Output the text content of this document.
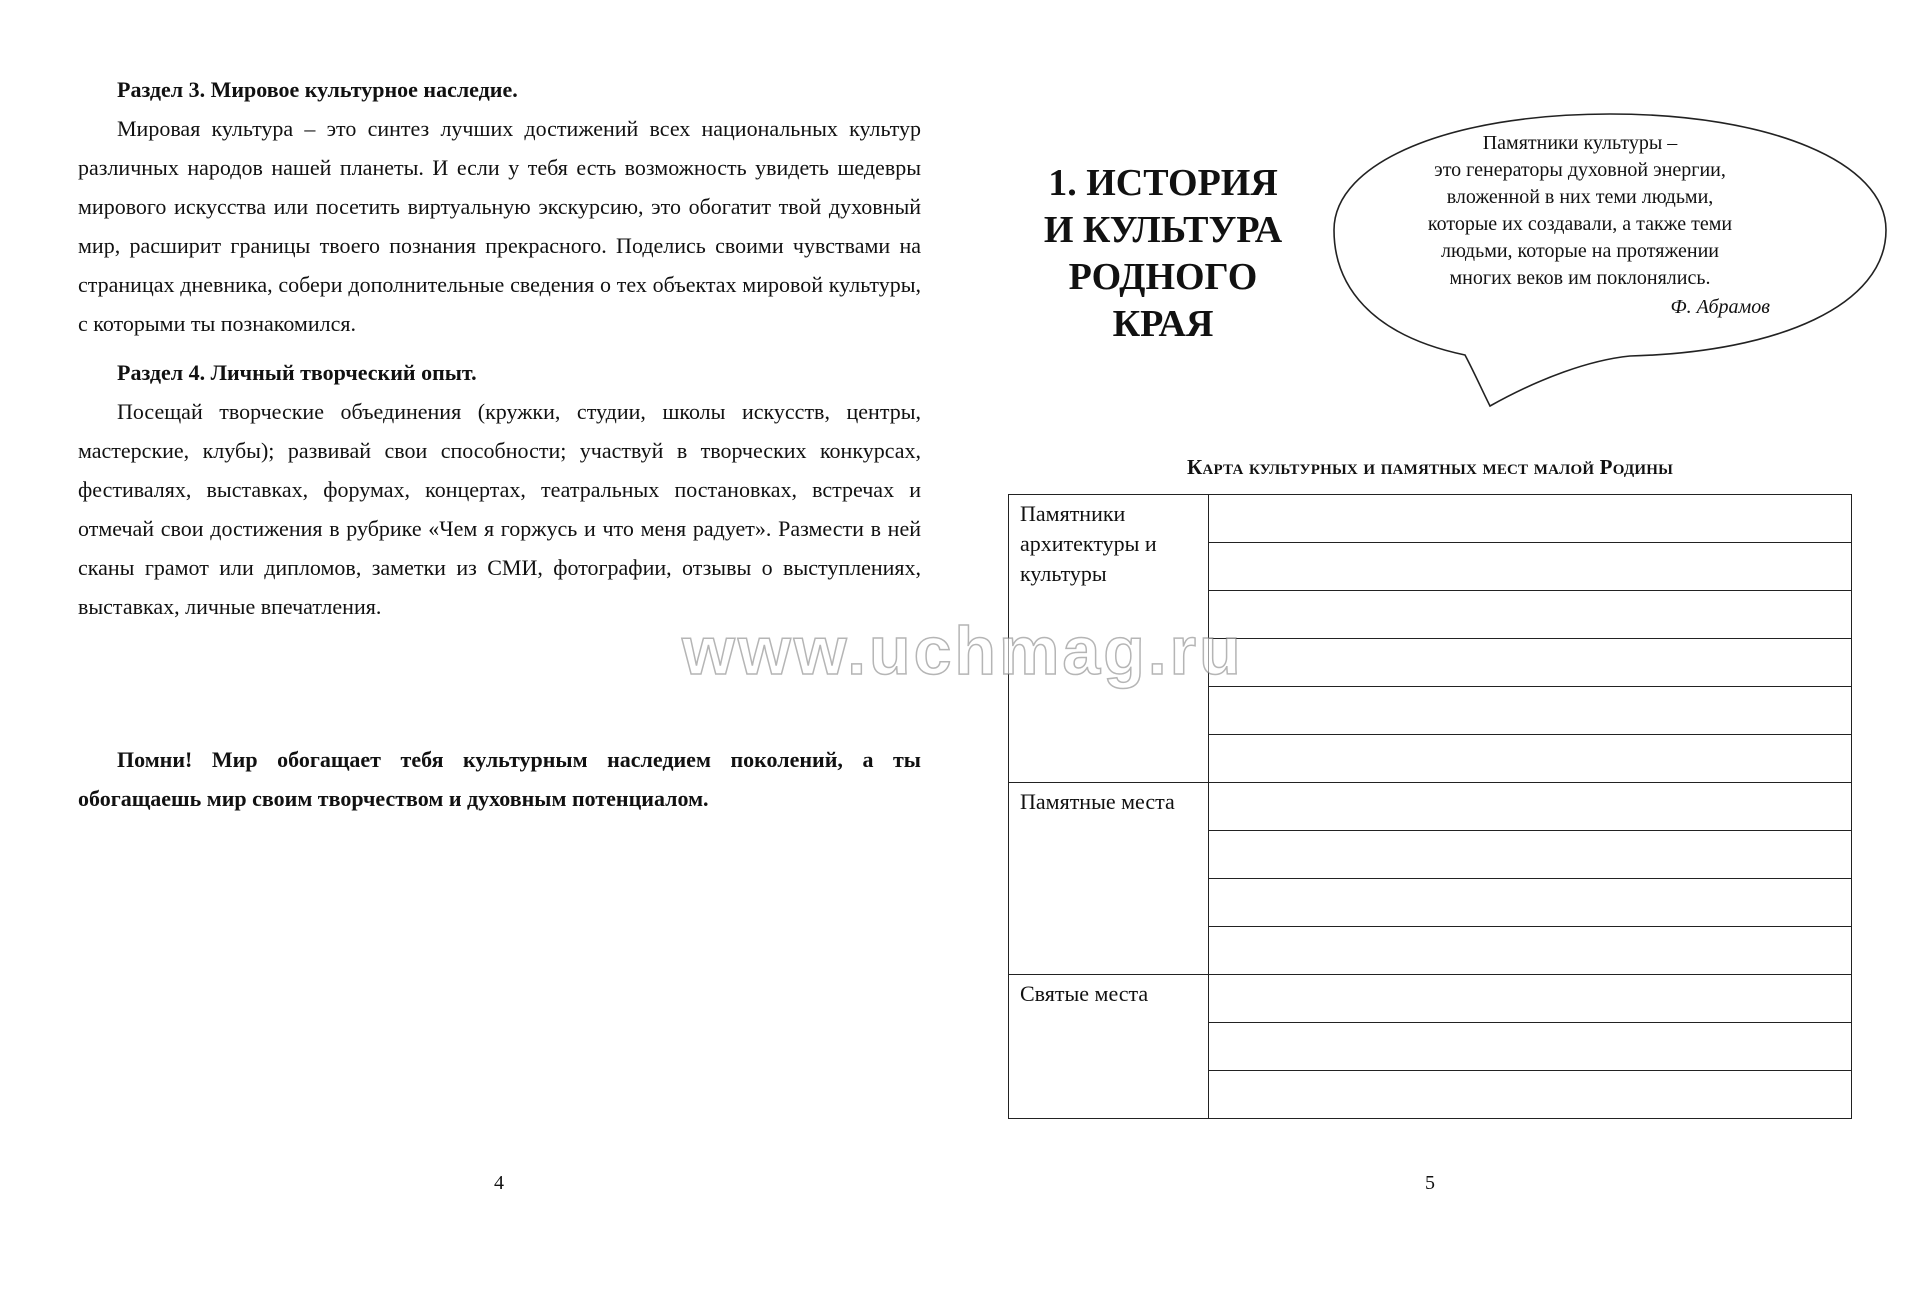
Раздел 3. Мировое культурное наследие.

Мировая культура – это синтез лучших достижений всех национальных культур различных народов нашей планеты. И если у тебя есть возможность увидеть шедевры мирового искусства или посетить виртуальную экскурсию, это обогатит твой духовный мир, расширит границы твоего познания прекрасного. Поделись своими чувствами на страницах дневника, собери дополнительные сведения о тех объектах мировой культуры, с которыми ты познакомился.

Раздел 4. Личный творческий опыт.

Посещай творческие объединения (кружки, студии, школы искусств, центры, мастерские, клубы); развивай свои способности; участвуй в творческих конкурсах, фестивалях, выставках, форумах, концертах, театральных постановках, встречах и отмечай свои достижения в рубрике «Чем я горжусь и что меня радует». Размести в ней сканы грамот или дипломов, заметки из СМИ, фотографии, отзывы о выступлениях, выставках, личные впечатления.

Помни! Мир обогащает тебя культурным наследием поколений, а ты обогащаешь мир своим творчеством и духовным потенциалом.

4
1. ИСТОРИЯ
И КУЛЬТУРА
РОДНОГО
КРАЯ
Памятники культуры –
это генераторы духовной энергии,
вложенной в них теми людьми,
которые их создавали, а также теми
людьми, которые на протяжении
многих веков им поклонялись.
Ф. Абрамов
Карта культурных и памятных мест малой Родины
Памятники архитектуры и культуры	

Памятные места	

Святые места	

5
www.uchmag.ru
